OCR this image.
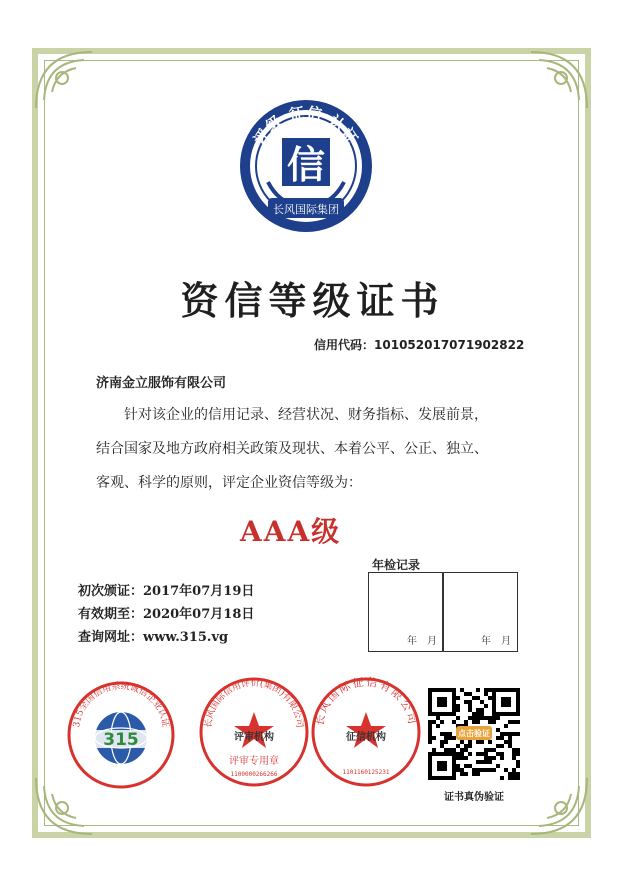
评级·征信·认证
信
长风国际集团
资信等级证书
信用代码：101052017071902822
济南金立服饰有限公司
针对该企业的信用记录、经营状况、财务指标、发展前景，
结合国家及地方政府相关政策及现状、本着公平、公正、独立、
客观、科学的原则，评定企业资信等级为：
AAA级
年检记录
年　月	年　月
初次颁证：2017年07月19日
有效期至：2020年07月18日
查询网址：www.315.vg
315全国信用系统诚信企业认证
315
长风国际信用评价(集团)有限公司
评审机构
评审专用章
1100000266266
长风国际征信有限公司
征信机构
1101160125231
点击验证
证书真伪验证
